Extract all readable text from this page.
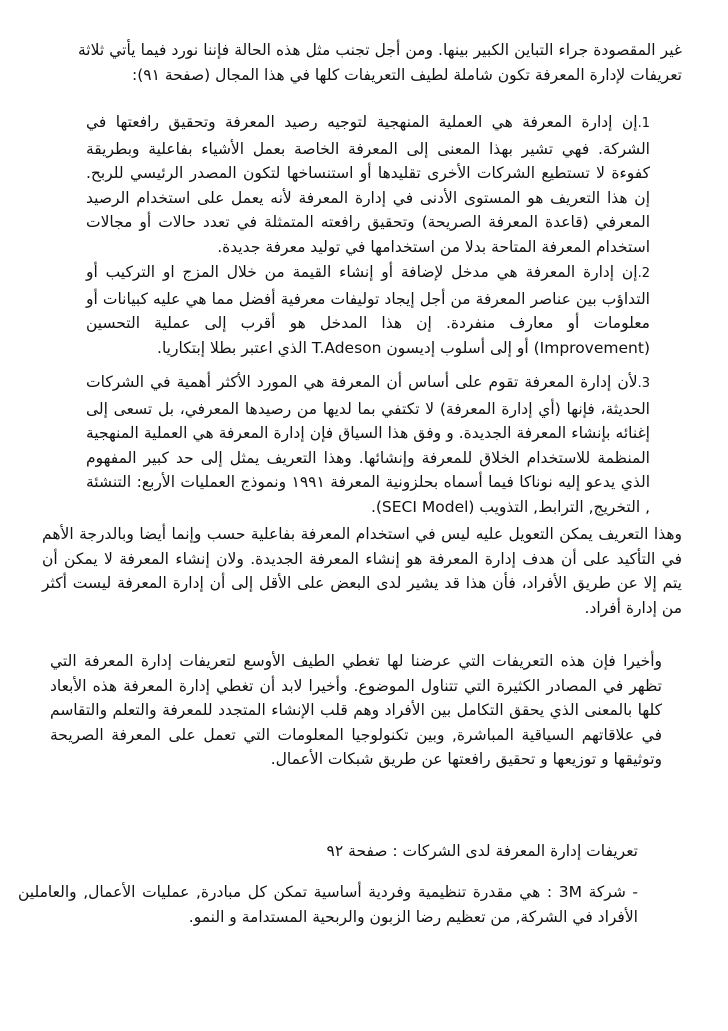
غير المقصودة جراء التباين الكبير بينها. ومن أجل تجنب مثل هذه الحالة فإننا نورد فيما يأتي ثلاثة تعريفات لإدارة المعرفة تكون شاملة لطيف التعريفات كلها في هذا المجال (صفحة ٩١):

1.إن إدارة المعرفة هي العملية المنهجية لتوجيه رصيد المعرفة وتحقيق رافعتها في الشركة. فهي تشير بهذا المعنى إلى المعرفة الخاصة بعمل الأشياء بفاعلية وبطريقة كفوءة لا تستطيع الشركات الأخرى تقليدها أو استنساخها لتكون المصدر الرئيسي للربح. إن هذا التعريف هو المستوى الأدنى في إدارة المعرفة لأنه يعمل على استخدام الرصيد المعرفي (قاعدة المعرفة الصريحة) وتحقيق رافعته المتمثلة في تعدد حالات أو مجالات استخدام المعرفة المتاحة بدلا من استخدامها في توليد معرفة جديدة.

2.إن إدارة المعرفة هي مدخل لإضافة أو إنشاء القيمة من خلال المزج او التركيب أو التداؤب بين عناصر المعرفة من أجل إيجاد توليفات معرفية أفضل مما هي عليه كبيانات أو معلومات أو معارف منفردة. إن هذا المدخل هو أقرب إلى عملية التحسين (Improvement) أو إلى أسلوب إديسون T.Adeson الذي اعتبر بطلا إبتكاريا.

3.لأن إدارة المعرفة تقوم على أساس أن المعرفة هي المورد الأكثر أهمية في الشركات الحديثة، فإنها (أي إدارة المعرفة) لا تكتفي بما لديها من رصيدها المعرفي، بل تسعى إلى إغنائه بإنشاء المعرفة الجديدة. و وفق هذا السياق فإن إدارة المعرفة هي العملية المنهجية المنظمة للاستخدام الخلاق للمعرفة وإنشائها. وهذا التعريف يمثل إلى حد كبير المفهوم الذي يدعو إليه نوناكا فيما أسماه بحلزونية المعرفة ١٩٩١ ونموذج العمليات الأربع: التنشئة , التخريج, الترابط, التذويب (SECI Model).

وهذا التعريف يمكن التعويل عليه ليس في استخدام المعرفة بفاعلية حسب وإنما أيضا وبالدرجة الأهم في التأكيد على أن هدف إدارة المعرفة هو إنشاء المعرفة الجديدة. ولان إنشاء المعرفة لا يمكن أن يتم إلا عن طريق الأفراد، فأن هذا قد يشير لدى البعض على الأقل إلى أن إدارة المعرفة ليست أكثر من إدارة أفراد.

وأخيرا فإن هذه التعريفات التي عرضنا لها تغطي الطيف الأوسع لتعريفات إدارة المعرفة التي تظهر في المصادر الكثيرة التي تتناول الموضوع. وأخيرا لابد أن تغطي إدارة المعرفة هذه الأبعاد كلها بالمعنى الذي يحقق التكامل بين الأفراد وهم قلب الإنشاء المتجدد للمعرفة والتعلم والتقاسم في علاقاتهم السياقية المباشرة, وبين تكنولوجيا المعلومات التي تعمل على المعرفة الصريحة وتوثيقها و توزيعها و تحقيق رافعتها عن طريق شبكات الأعمال.

تعريفات إدارة المعرفة لدى الشركات : صفحة ٩٢

- شركة 3M : هي مقدرة تنظيمية وفردية أساسية تمكن كل مبادرة, عمليات الأعمال, والعاملين الأفراد في الشركة, من تعظيم رضا الزبون والربحية المستدامة و النمو.
